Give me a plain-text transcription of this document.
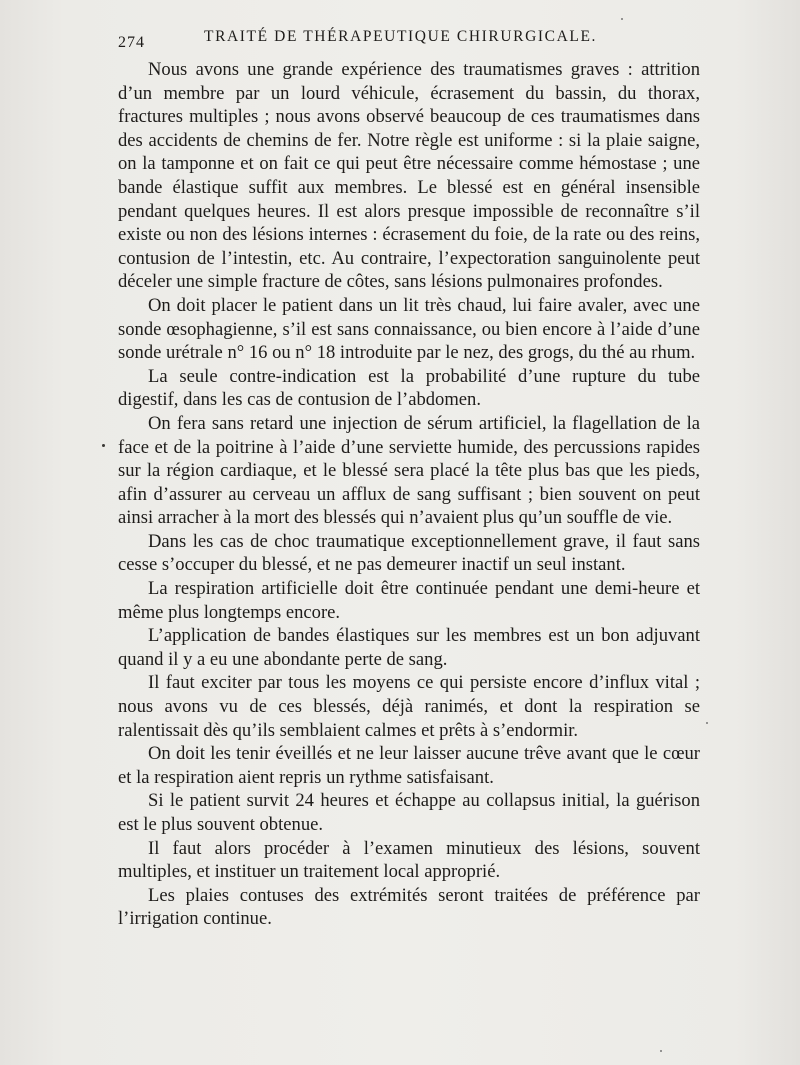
274	TRAITÉ DE THÉRAPEUTIQUE CHIRURGICALE.

Nous avons une grande expérience des traumatismes graves : attrition d’un membre par un lourd véhicule, écrasement du bassin, du thorax, fractures multiples ; nous avons observé beaucoup de ces traumatismes dans des accidents de chemins de fer. Notre règle est uniforme : si la plaie saigne, on la tamponne et on fait ce qui peut être nécessaire comme hémostase ; une bande élastique suffit aux membres. Le blessé est en général insensible pendant quelques heures. Il est alors presque impossible de reconnaître s’il existe ou non des lésions internes : écrasement du foie, de la rate ou des reins, contusion de l’intestin, etc. Au contraire, l’expectoration sanguinolente peut déceler une simple fracture de côtes, sans lésions pulmonaires profondes.

On doit placer le patient dans un lit très chaud, lui faire avaler, avec une sonde œsophagienne, s’il est sans connaissance, ou bien encore à l’aide d’une sonde urétrale n° 16 ou n° 18 introduite par le nez, des grogs, du thé au rhum.

La seule contre-indication est la probabilité d’une rupture du tube digestif, dans les cas de contusion de l’abdomen.

On fera sans retard une injection de sérum artificiel, la flagellation de la face et de la poitrine à l’aide d’une serviette humide, des percussions rapides sur la région cardiaque, et le blessé sera placé la tête plus bas que les pieds, afin d’assurer au cerveau un afflux de sang suffisant ; bien souvent on peut ainsi arracher à la mort des blessés qui n’avaient plus qu’un souffle de vie.

Dans les cas de choc traumatique exceptionnellement grave, il faut sans cesse s’occuper du blessé, et ne pas demeurer inactif un seul instant.

La respiration artificielle doit être continuée pendant une demi-heure et même plus longtemps encore.

L’application de bandes élastiques sur les membres est un bon adjuvant quand il y a eu une abondante perte de sang.

Il faut exciter par tous les moyens ce qui persiste encore d’influx vital ; nous avons vu de ces blessés, déjà ranimés, et dont la respiration se ralentissait dès qu’ils semblaient calmes et prêts à s’endormir.

On doit les tenir éveillés et ne leur laisser aucune trêve avant que le cœur et la respiration aient repris un rythme satisfaisant.

Si le patient survit 24 heures et échappe au collapsus initial, la guérison est le plus souvent obtenue.

Il faut alors procéder à l’examen minutieux des lésions, souvent multiples, et instituer un traitement local approprié.

Les plaies contuses des extrémités seront traitées de préférence par l’irrigation continue.
